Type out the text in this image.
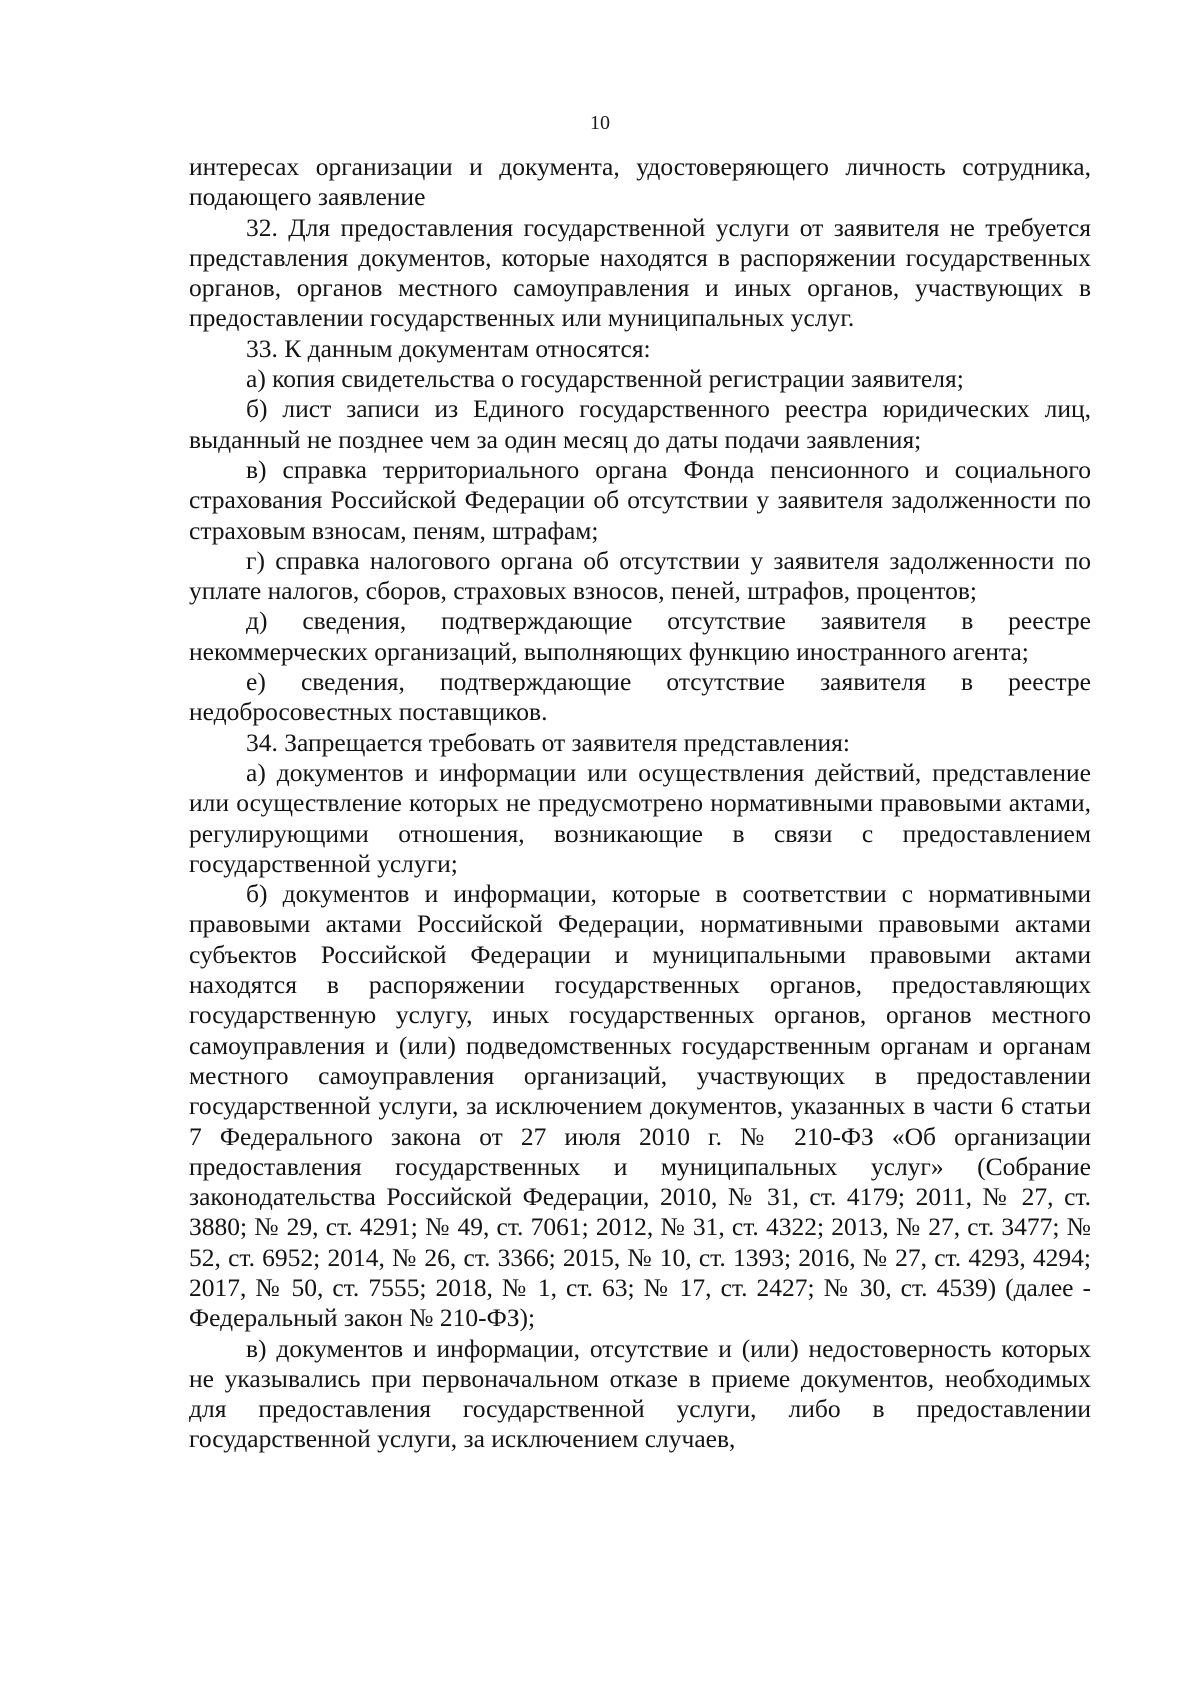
10

интересах организации и документа, удостоверяющего личность сотрудника, подающего заявление

32. Для предоставления государственной услуги от заявителя не требуется представления документов, которые находятся в распоряжении государственных органов, органов местного самоуправления и иных органов, участвующих в предоставлении государственных или муниципальных услуг.

33. К данным документам относятся:

а) копия свидетельства о государственной регистрации заявителя;

б) лист записи из Единого государственного реестра юридических лиц, выданный не позднее чем за один месяц до даты подачи заявления;

в) справка территориального органа Фонда пенсионного и социального страхования Российской Федерации об отсутствии у заявителя задолженности по страховым взносам, пеням, штрафам;

г) справка налогового органа об отсутствии у заявителя задолженности по уплате налогов, сборов, страховых взносов, пеней, штрафов, процентов;

д) сведения, подтверждающие отсутствие заявителя в реестре некоммерческих организаций, выполняющих функцию иностранного агента;

е) сведения, подтверждающие отсутствие заявителя в реестре недобросовестных поставщиков.

34. Запрещается требовать от заявителя представления:

а) документов и информации или осуществления действий, представление или осуществление которых не предусмотрено нормативными правовыми актами, регулирующими отношения, возникающие в связи с предоставлением государственной услуги;

б) документов и информации, которые в соответствии с нормативными правовыми актами Российской Федерации, нормативными правовыми актами субъектов Российской Федерации и муниципальными правовыми актами находятся в распоряжении государственных органов, предоставляющих государственную услугу, иных государственных органов, органов местного самоуправления и (или) подведомственных государственным органам и органам местного самоуправления организаций, участвующих в предоставлении государственной услуги, за исключением документов, указанных в части 6 статьи 7 Федерального закона от 27 июля 2010 г. № 210-ФЗ «Об организации предоставления государственных и муниципальных услуг» (Собрание законодательства Российской Федерации, 2010, № 31, ст. 4179; 2011, № 27, ст. 3880; № 29, ст. 4291; № 49, ст. 7061; 2012, № 31, ст. 4322; 2013, № 27, ст. 3477; № 52, ст. 6952; 2014, № 26, ст. 3366; 2015, № 10, ст. 1393; 2016, № 27, ст. 4293, 4294; 2017, № 50, ст. 7555; 2018, № 1, ст. 63; № 17, ст. 2427; № 30, ст. 4539) (далее - Федеральный закон № 210-ФЗ);

в) документов и информации, отсутствие и (или) недостоверность которых не указывались при первоначальном отказе в приеме документов, необходимых для предоставления государственной услуги, либо в предоставлении государственной услуги, за исключением случаев,
